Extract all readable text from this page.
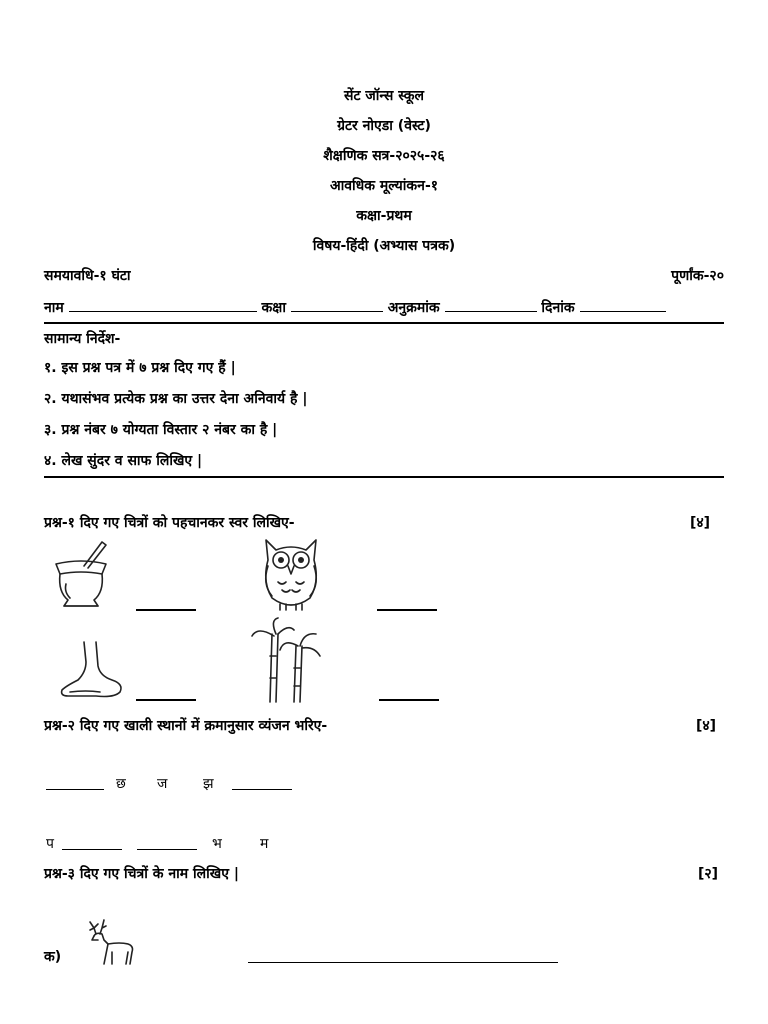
सेंट जॉन्स स्कूल
ग्रेटर नोएडा (वेस्ट)
शैक्षणिक सत्र-२०२५-२६
आवधिक मूल्यांकन-१
कक्षा-प्रथम
विषय-हिंदी (अभ्यास पत्रक)
समयावधि-१ घंटा	पूर्णांक-२०
नाम	कक्षा	अनुक्रमांक	दिनांक
सामान्य निर्देश-
१. इस प्रश्न पत्र में ७ प्रश्न दिए गए हैं |
२. यथासंभव प्रत्येक प्रश्न का उत्तर देना अनिवार्य है |
३. प्रश्न नंबर ७ योग्यता विस्तार २ नंबर का है |
४. लेख सुंदर व साफ लिखिए |
प्रश्न-१ दिए गए चित्रों को पहचानकर स्वर लिखिए-	[४]
प्रश्न-२ दिए गए खाली स्थानों में क्रमानुसार व्यंजन भरिए-	[४]
छ ज	झ
प	भ	म
प्रश्न-३ दिए गए चित्रों के नाम लिखिए |	[२]
क)
